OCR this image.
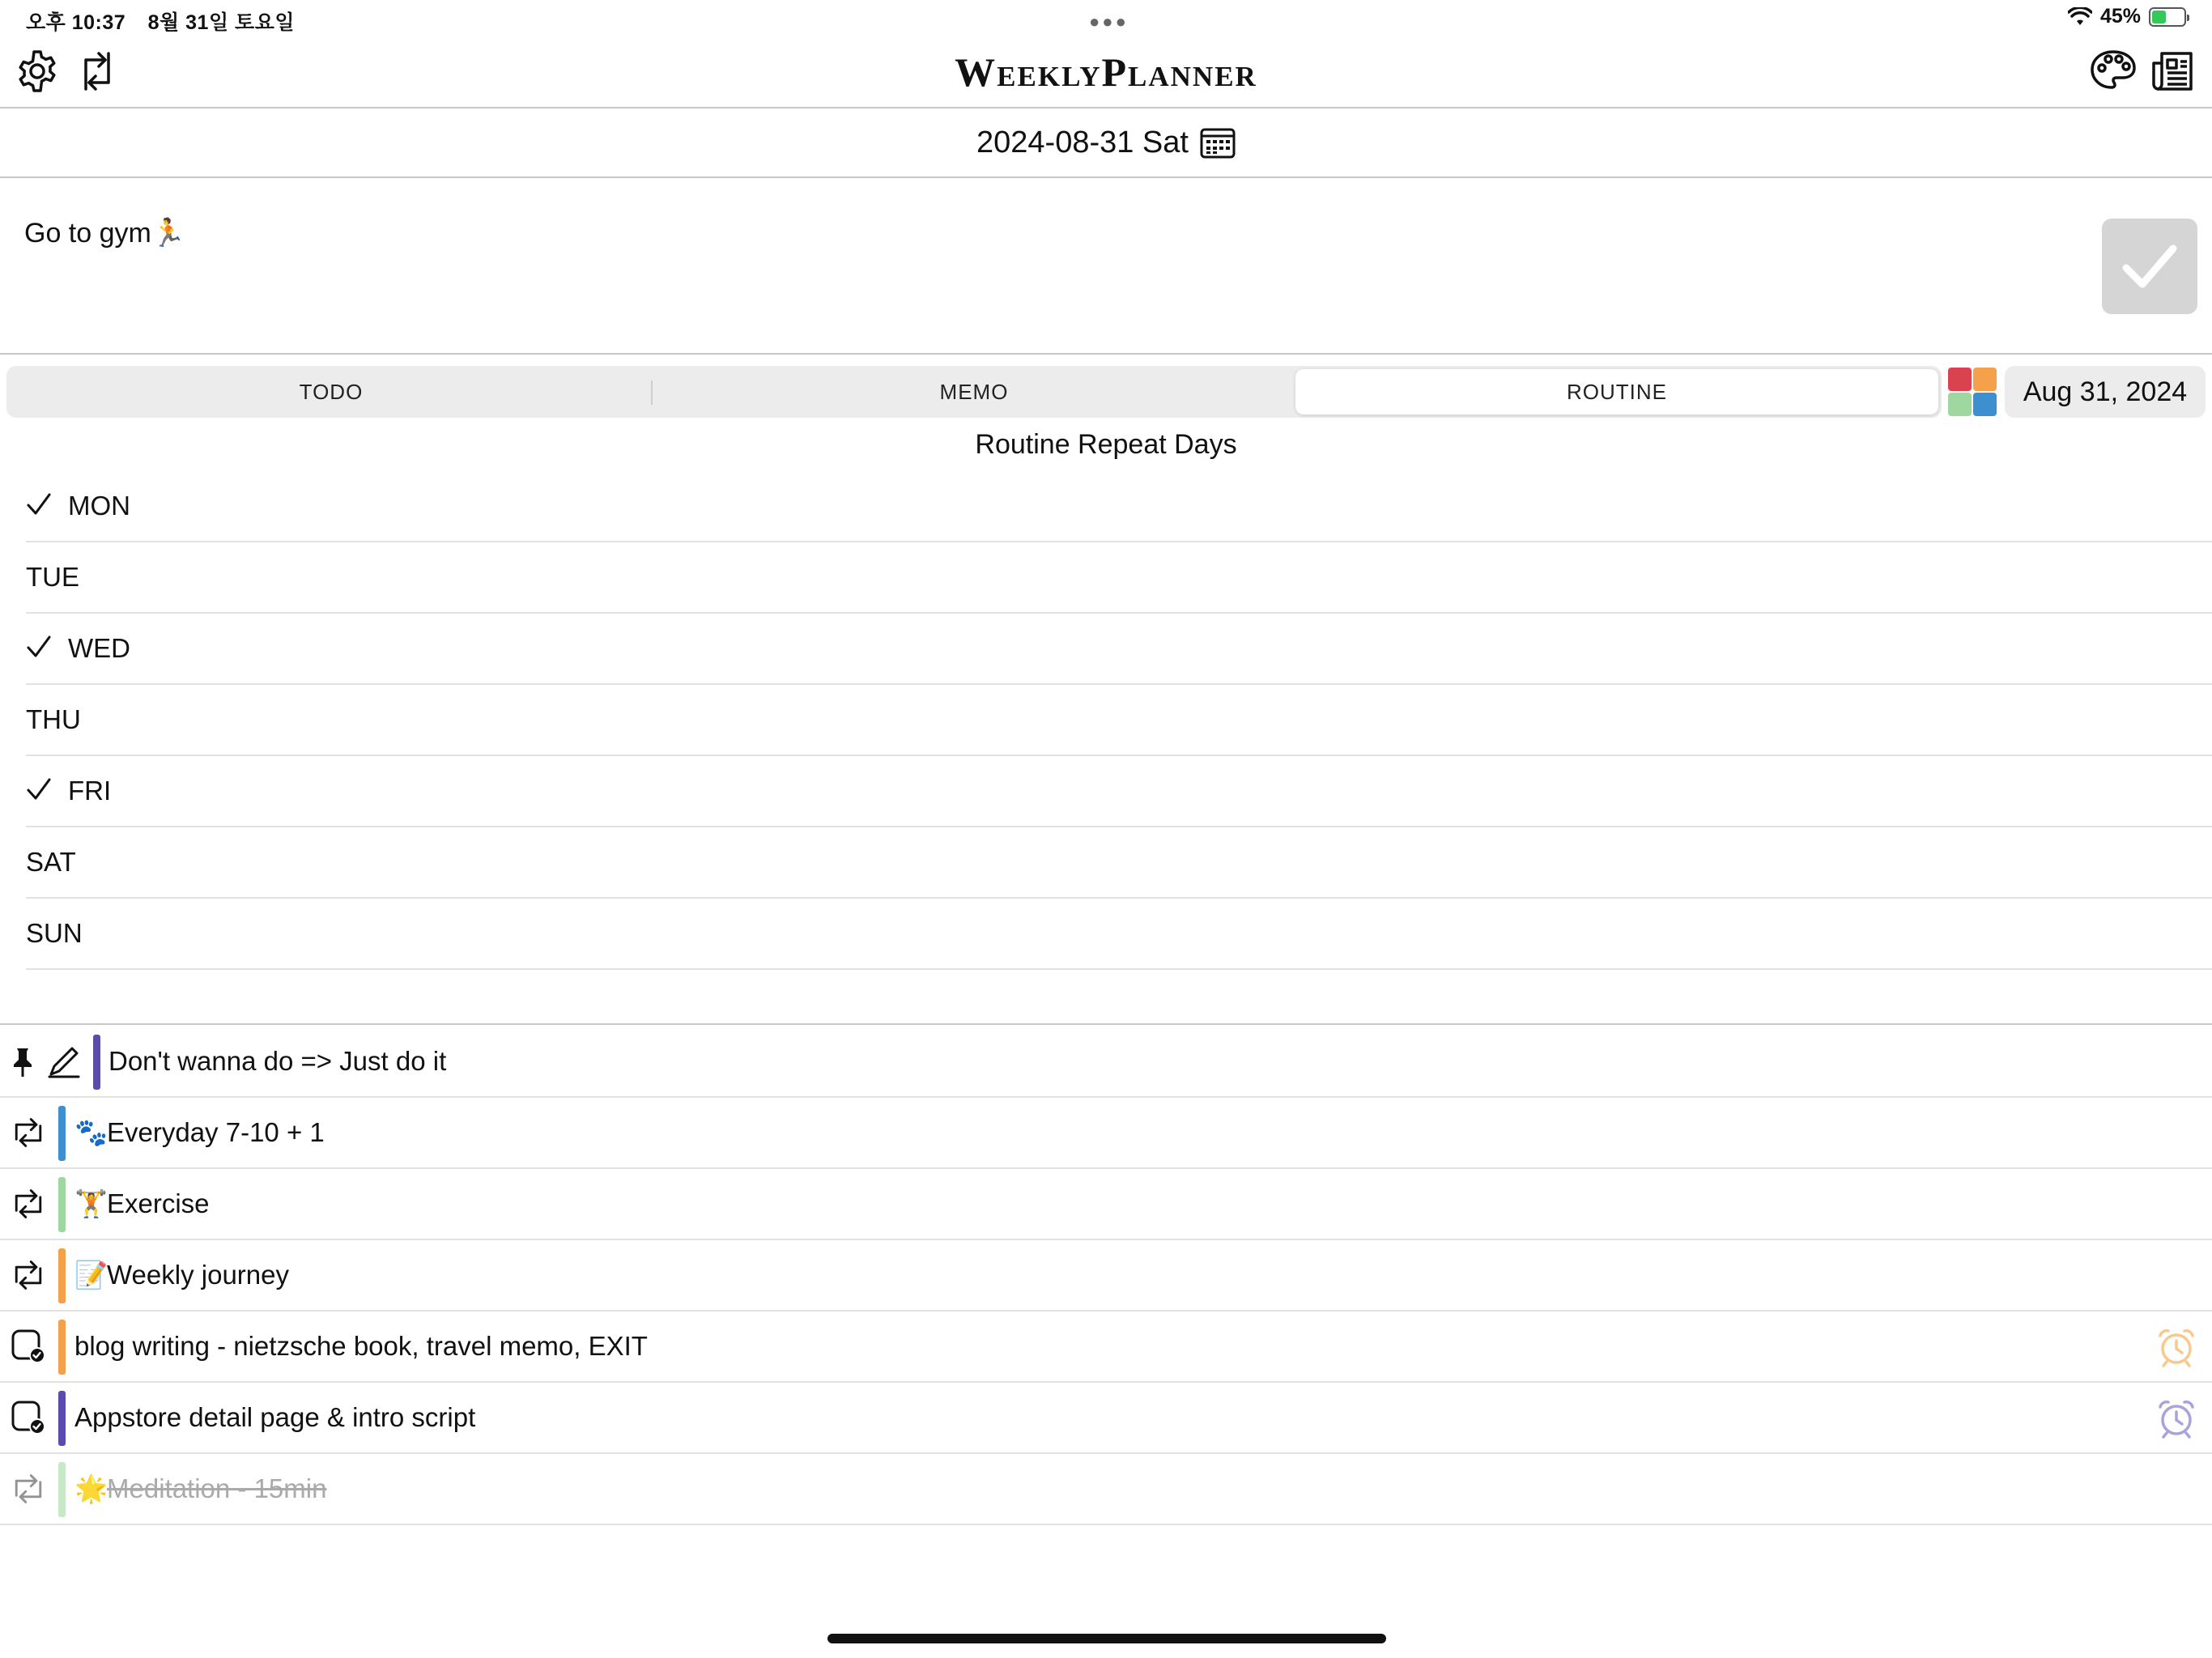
오후 10:37 8월 31일 토요일	●●●	45%
WeeklyPlanner
2024-08-31 Sat
Go to gym🏃
TODO	MEMO	ROUTINE	Aug 31, 2024
Routine Repeat Days
MON
TUE
WED
THU
FRI
SAT
SUN
Don't wanna do => Just do it
🐾Everyday 7-10 + 1
🏋Exercise
📝Weekly journey
blog writing - nietzsche book, travel memo, EXIT
Appstore detail page & intro script
🌟Meditation - 15min
